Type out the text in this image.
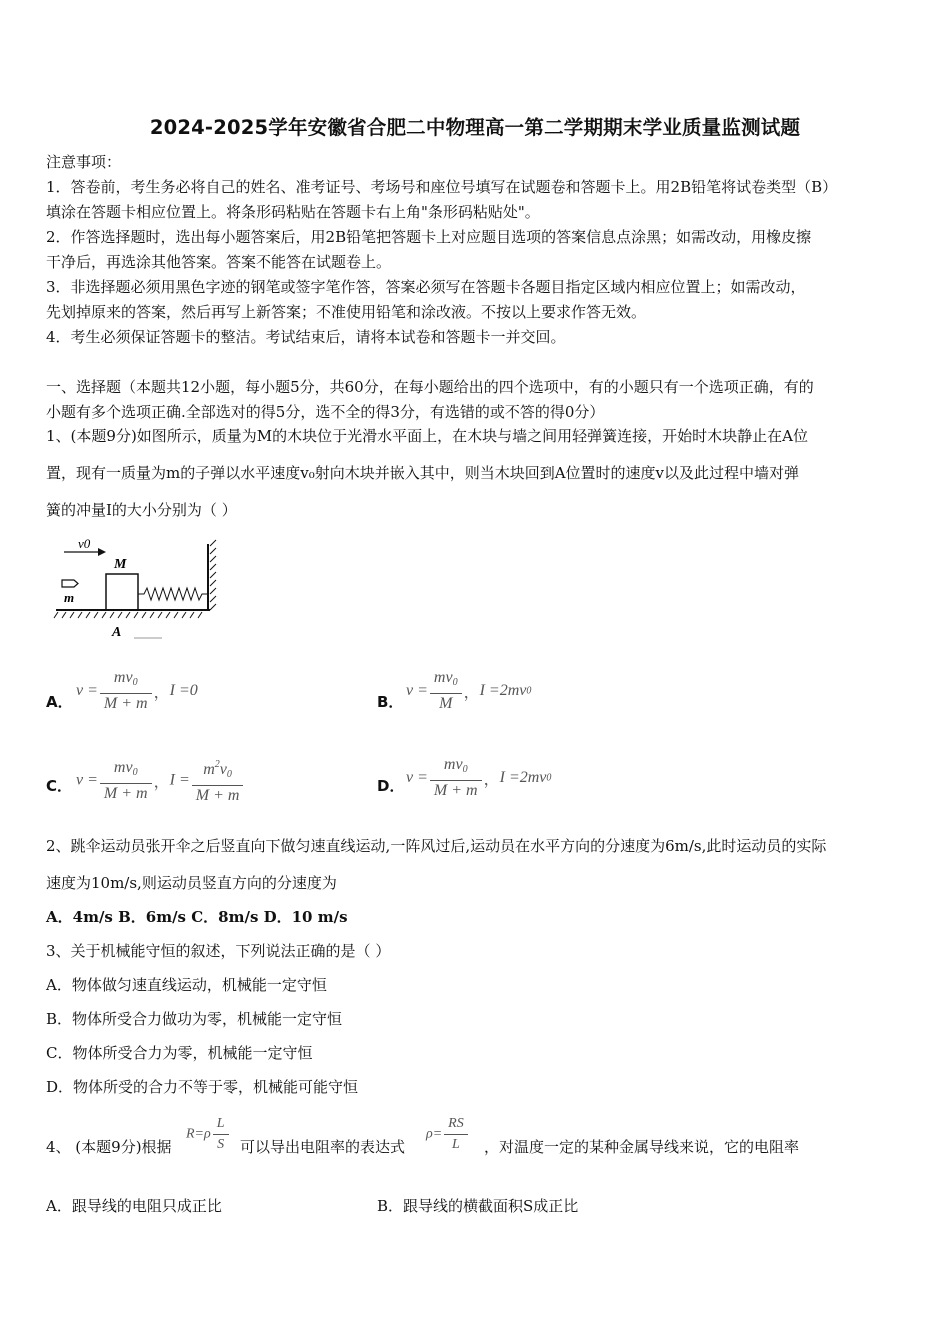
2024-2025学年安徽省合肥二中物理高一第二学期期末学业质量监测试题
注意事项：
1．答卷前，考生务必将自己的姓名、准考证号、考场号和座位号填写在试题卷和答题卡上。用2B铅笔将试卷类型（B）
填涂在答题卡相应位置上。将条形码粘贴在答题卡右上角"条形码粘贴处"。
2．作答选择题时，选出每小题答案后，用2B铅笔把答题卡上对应题目选项的答案信息点涂黑；如需改动，用橡皮擦
干净后，再选涂其他答案。答案不能答在试题卷上。
3．非选择题必须用黑色字迹的钢笔或签字笔作答，答案必须写在答题卡各题目指定区域内相应位置上；如需改动，
先划掉原来的答案，然后再写上新答案；不准使用铅笔和涂改液。不按以上要求作答无效。
4．考生必须保证答题卡的整洁。考试结束后，请将本试卷和答题卡一并交回。
一、选择题（本题共12小题，每小题5分，共60分，在每小题给出的四个选项中，有的小题只有一个选项正确，有的
小题有多个选项正确.全部选对的得5分，选不全的得3分，有选错的或不答的得0分）
1、(本题9分)如图所示，质量为M的木块位于光滑水平面上，在木块与墙之间用轻弹簧连接，开始时木块静止在A位
置，现有一质量为m的子弹以水平速度v₀射向木块并嵌入其中，则当木块回到A位置时的速度v以及此过程中墙对弹
簧的冲量I的大小分别为（ ）
v0
M
m
A
A．
$v = \frac{mv_0}{M + m}$ ，I =0
B．
$v = \frac{mv_0}{M}$ ，I =2mv0
C． $v = \frac{mv_0}{M + m}$ ，$I = \frac{m^2v_0}{M + m}$	D． $v = \frac{mv_0}{M + m}$ ，I =2mv0
2、跳伞运动员张开伞之后竖直向下做匀速直线运动,一阵风过后,运动员在水平方向的分速度为6m/s,此时运动员的实际
速度为10m/s,则运动员竖直方向的分速度为
A．4m/s B．6m/s C．8m/s D．10 m/s
3、关于机械能守恒的叙述，下列说法正确的是（ ）
A．物体做匀速直线运动，机械能一定守恒
B．物体所受合力做功为零，机械能一定守恒
C．物体所受合力为零，机械能一定守恒
D．物体所受的合力不等于零，机械能可能守恒
4、 (本题9分)根据
$R=\rho \frac{L}{S}$ 可以导出电阻率的表达式
$\rho= \frac{RS}{L}$ ，对温度一定的某种金属导线来说，它的电阻率
A．跟导线的电阻只成正比	B．跟导线的横截面积S成正比
